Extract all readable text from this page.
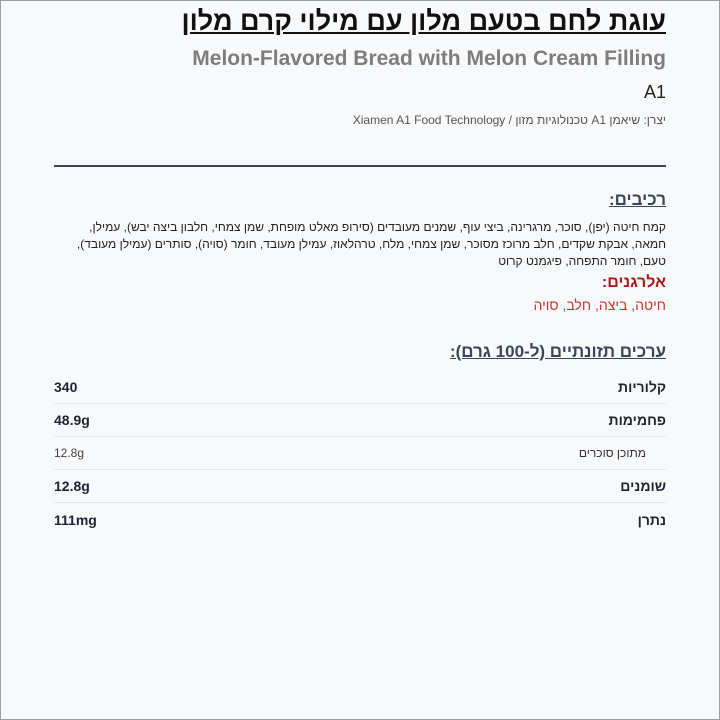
עוגת לחם בטעם מלון עם מילוי קרם מלון
Melon-Flavored Bread with Melon Cream Filling
A1
יצרן: שיאמן A1 טכנולוגיות מזון / Xiamen A1 Food Technology
רכיבים:

קמח חיטה (יפן), סוכר, מרגרינה, ביצי עוף, שמנים מעובדים (סירופ מאלט מופחת, שמן צמחי, חלבון ביצה יבש), עמילן, חמאה, אבקת שקדים, חלב מרוכז מסוכר, שמן צמחי, מלח, טרהלאוז, עמילן מעובד, חומר (סויה), סותרים (עמילן מעובד), טעם, חומר התפחה, פיגמנט קרוט

אלרגנים:

חיטה, ביצה, חלב, סויה

ערכים תזונתיים (ל-100 גרם):
קלוריות
340
פחמימות
48.9g
מתוכן סוכרים
12.8g
שומנים
12.8g
נתרן
111mg
